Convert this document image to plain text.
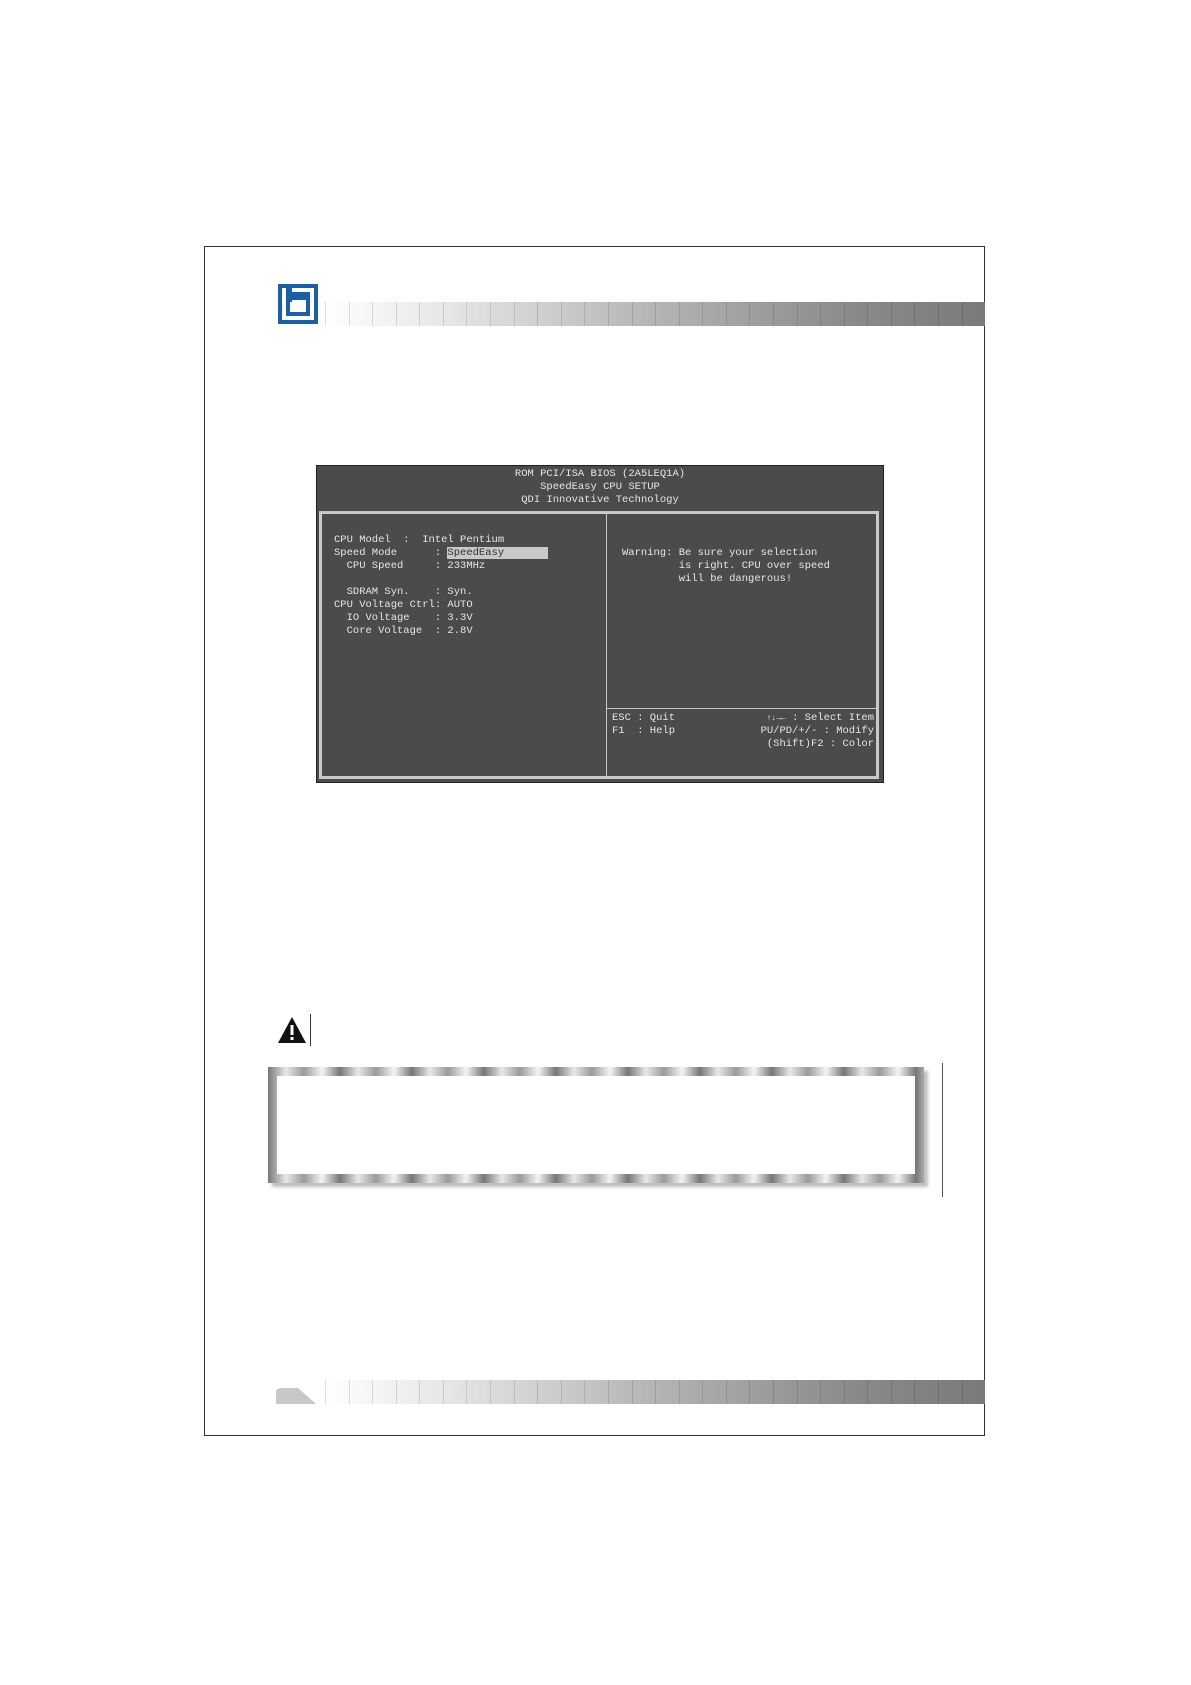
ROM PCI/ISA BIOS (2A5LEQ1A)
SpeedEasy CPU SETUP
QDI Innovative Technology
CPU Model  :  Intel Pentium
Speed Mode      : SpeedEasy
CPU Speed     : 233MHz
SDRAM Syn.    : Syn.
CPU Voltage Ctrl: AUTO
IO Voltage    : 3.3V
Core Voltage  : 2.8V
Warning: Be sure your selection
is right. CPU over speed
will be dangerous!
ESC : Quit	↑↓→← : Select Item
F1  : Help	PU/PD/+/- : Modify
(Shift)F2 : Color
